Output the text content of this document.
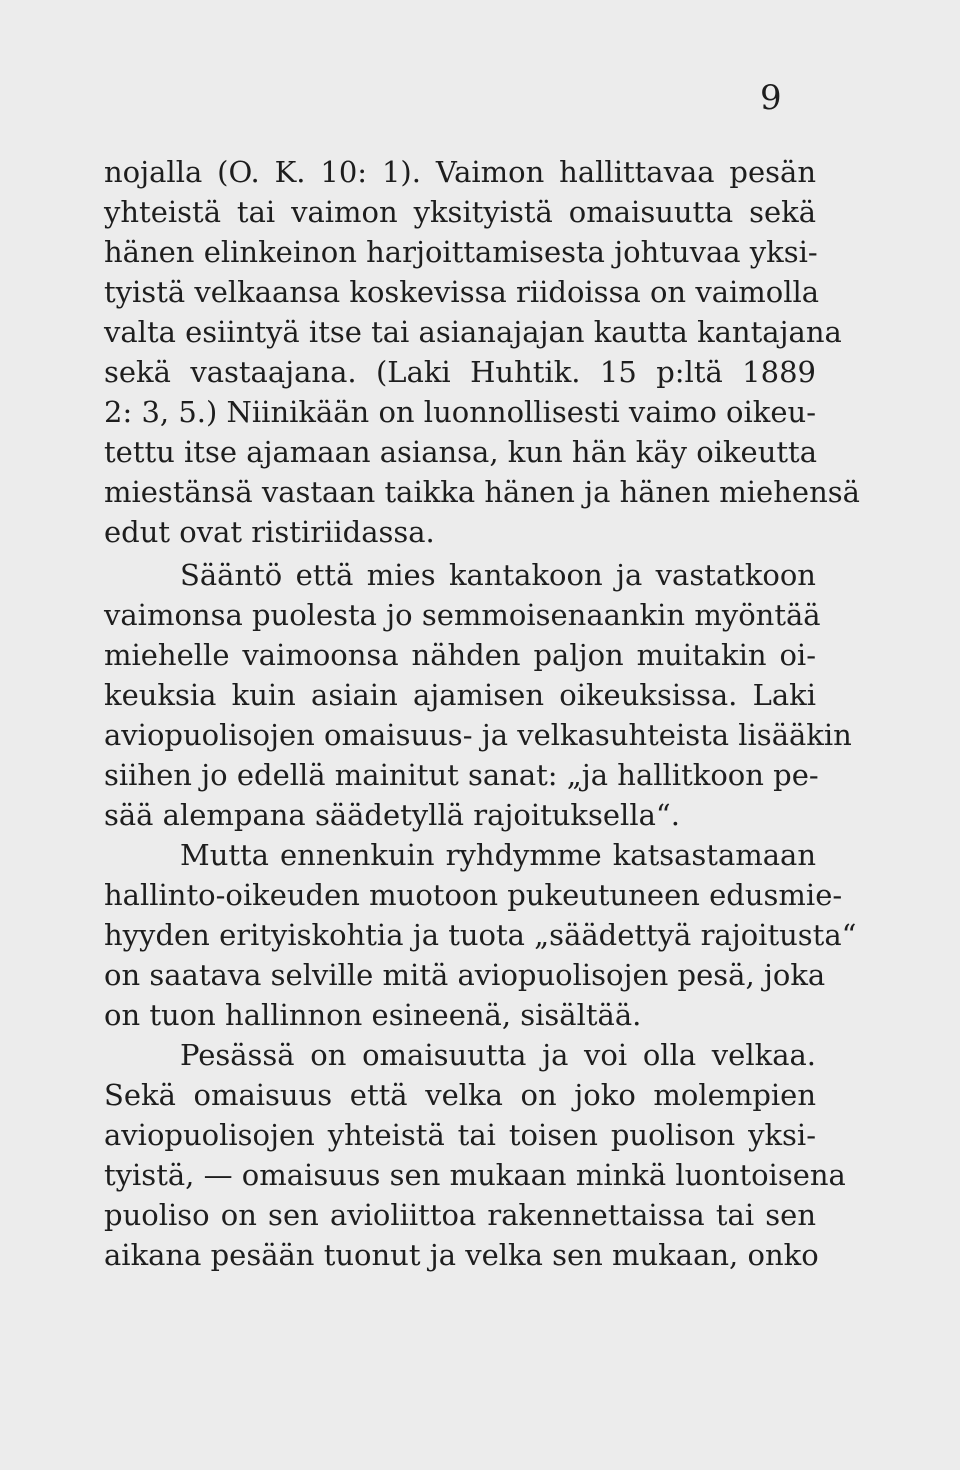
9
nojalla (O. K. 10: 1). Vaimon hallittavaa pesän
yhteistä tai vaimon yksityistä omaisuutta sekä
hänen elinkeinon harjoittamisesta johtuvaa yksi-
tyistä velkaansa koskevissa riidoissa on vaimolla
valta esiintyä itse tai asianajajan kautta kantajana
sekä vastaajana. (Laki Huhtik. 15 p:ltä 1889
2: 3, 5.) Niinikään on luonnollisesti vaimo oikeu-
tettu itse ajamaan asiansa, kun hän käy oikeutta
miestänsä vastaan taikka hänen ja hänen miehensä
edut ovat ristiriidassa.
Sääntö että mies kantakoon ja vastatkoon
vaimonsa puolesta jo semmoisenaankin myöntää
miehelle vaimoonsa nähden paljon muitakin oi-
keuksia kuin asiain ajamisen oikeuksissa. Laki
aviopuolisojen omaisuus- ja velkasuhteista lisääkin
siihen jo edellä mainitut sanat: „ja hallitkoon pe-
sää alempana säädetyllä rajoituksella“.
Mutta ennenkuin ryhdymme katsastamaan
hallinto-oikeuden muotoon pukeutuneen edusmie-
hyyden erityiskohtia ja tuota „säädettyä rajoitusta“
on saatava selville mitä aviopuolisojen pesä, joka
on tuon hallinnon esineenä, sisältää.
Pesässä on omaisuutta ja voi olla velkaa.
Sekä omaisuus että velka on joko molempien
aviopuolisojen yhteistä tai toisen puolison yksi-
tyistä, — omaisuus sen mukaan minkä luontoisena
puoliso on sen avioliittoa rakennettaissa tai sen
aikana pesään tuonut ja velka sen mukaan, onko
